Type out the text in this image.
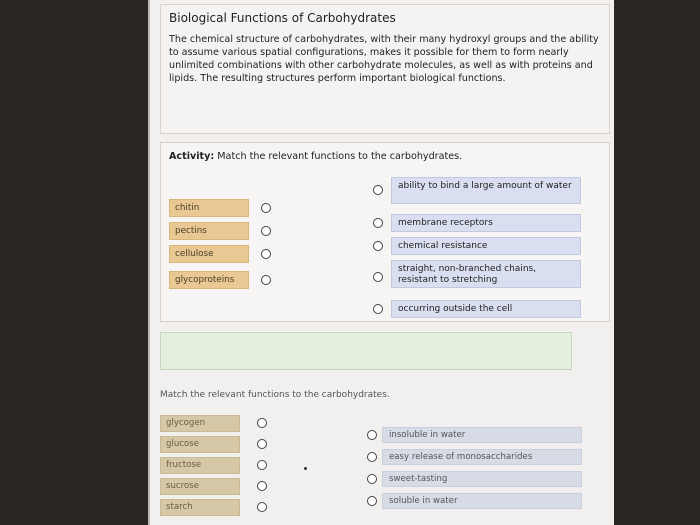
Biological Functions of Carbohydrates

The chemical structure of carbohydrates, with their many hydroxyl groups and the ability to assume various spatial configurations, makes it possible for them to form nearly unlimited combinations with other carbohydrate molecules, as well as with proteins and lipids. The resulting structures perform important biological functions.

Activity: Match the relevant functions to the carbohydrates.
chitin
pectins
cellulose
glycoproteins
ability to bind a large amount of water
membrane receptors
chemical resistance
straight, non-branched chains, resistant to stretching
occurring outside the cell
Match the relevant functions to the carbohydrates.
glycogen
glucose
fructose
sucrose
starch
insoluble in water
easy release of monosaccharides
sweet-tasting
soluble in water
